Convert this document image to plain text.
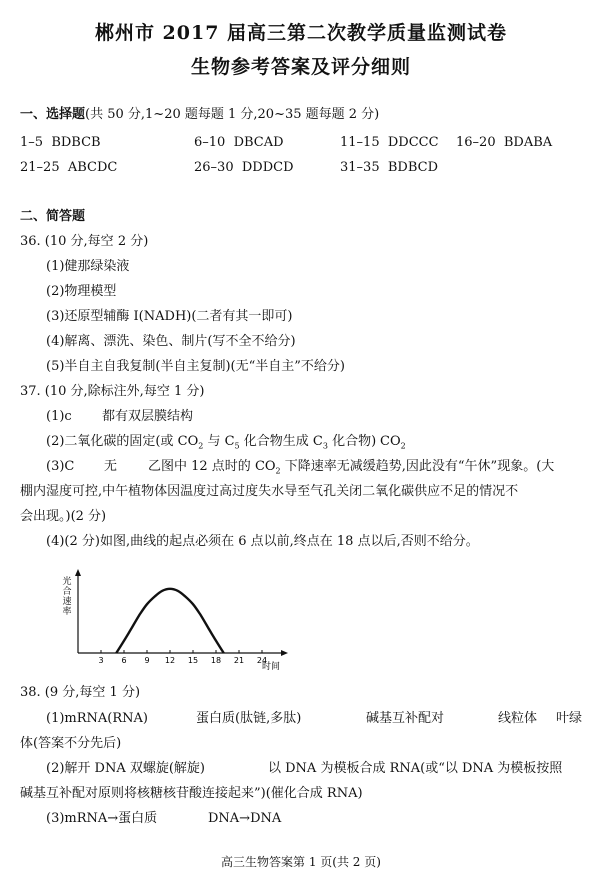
郴州市 2017 届高三第二次教学质量监测试卷
生物参考答案及评分细则
一、选择题(共 50 分,1~20 题每题 1 分,20~35 题每题 2 分)
1–5 BDBCB	6–10 DBCAD	11–15 DDCCC 16–20 BDABA
21–25 ABCDC	26–30 DDDCD	31–35 BDBCD
二、简答题
36. (10 分,每空 2 分)
(1)健那绿染液
(2)物理模型
(3)还原型辅酶 I(NADH)(二者有其一即可)
(4)解离、漂洗、染色、制片(写不全不给分)
(5)半自主自我复制(半自主复制)(无“半自主”不给分)
37. (10 分,除标注外,每空 1 分)
(1)c 都有双层膜结构
(2)二氧化碳的固定(或 $CO_2$ 与 $C_5$ 化合物生成 $C_3$ 化合物) $CO_2$
(3)C 无 乙图中 12 点时的 $CO_2$ 下降速率无减缓趋势,因此没有“午休”现象。(大
棚内湿度可控,中午植物体因温度过高过度失水导至气孔关闭二氧化碳供应不足的情况不
会出现。)(2 分)
(4)(2 分)如图,曲线的起点必须在 6 点以前,终点在 18 点以后,否则不给分。
光合速率
3 6 9 12 15 18 21 24
时间
38. (9 分,每空 1 分)
(1)mRNA(RNA)	蛋白质(肽链,多肽)	碱基互补配对	线粒体 叶绿
体(答案不分先后)
(2)解开 DNA 双螺旋(解旋)	以 DNA 为模板合成 RNA(或“以 DNA 为模板按照
碱基互补配对原则将核糖核苷酸连接起来”)(催化合成 RNA)
(3)mRNA→蛋白质	DNA→DNA
高三生物答案第 1 页(共 2 页)
